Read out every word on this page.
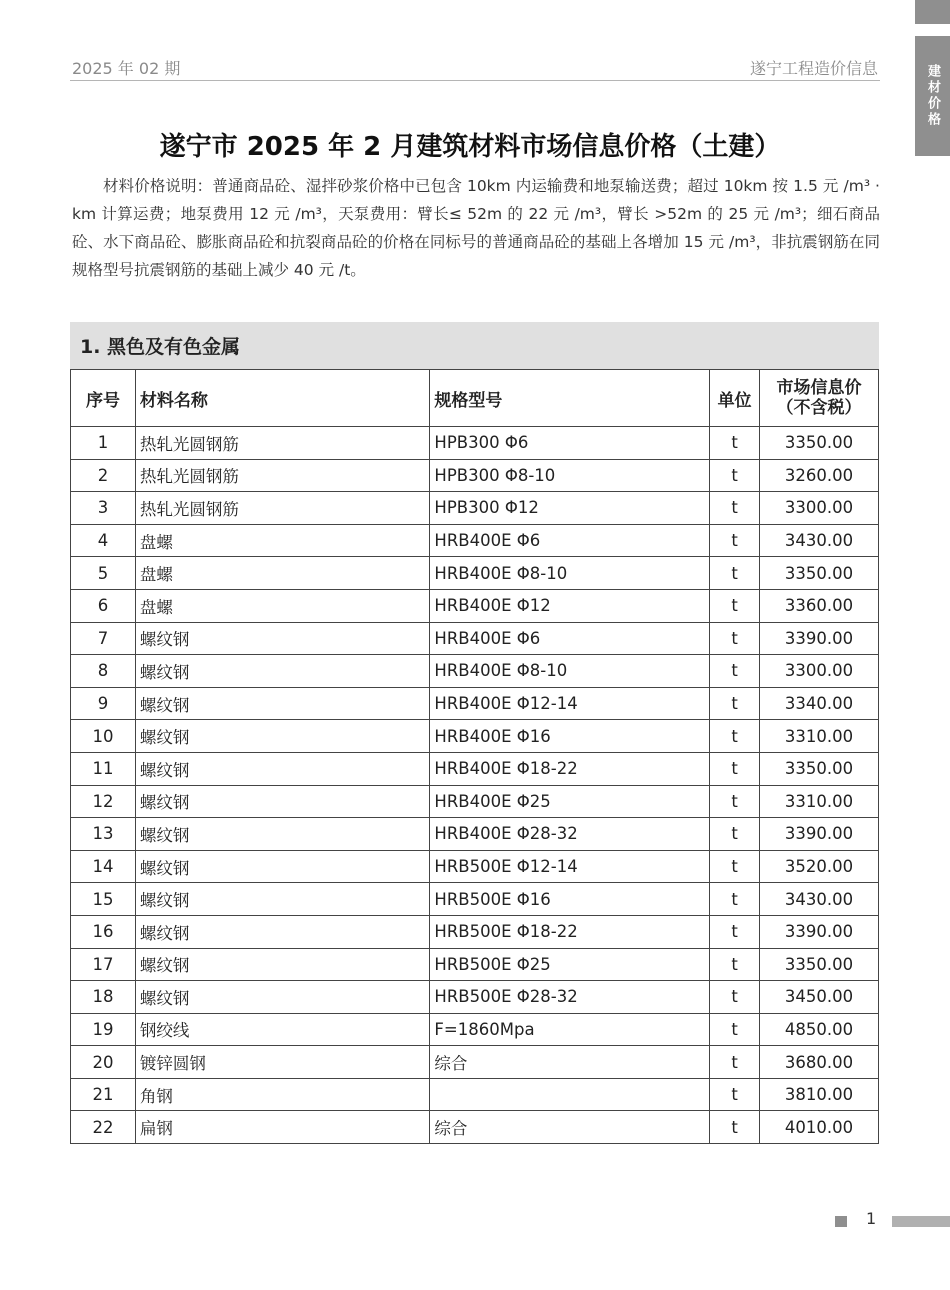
2025 年 02 期	遂宁工程造价信息	建材价格
遂宁市 2025 年 2 月建筑材料市场信息价格（土建）

材料价格说明：普通商品砼、湿拌砂浆价格中已包含 10km 内运输费和地泵输送费；超过 10km 按 1.5 元 /m³ · km 计算运费；地泵费用 12 元 /m³，天泵费用：臂长≤ 52m 的 22 元 /m³，臂长 >52m 的 25 元 /m³；细石商品砼、水下商品砼、膨胀商品砼和抗裂商品砼的价格在同标号的普通商品砼的基础上各增加 15 元 /m³，非抗震钢筋在同规格型号抗震钢筋的基础上减少 40 元 /t。

1. 黑色及有色金属
序号	材料名称	规格型号	单位	市场信息价
（不含税）

1	热轧光圆钢筋	HPB300 Φ6	t	3350.00
2	热轧光圆钢筋	HPB300 Φ8-10	t	3260.00
3	热轧光圆钢筋	HPB300 Φ12	t	3300.00
4	盘螺	HRB400E Φ6	t	3430.00
5	盘螺	HRB400E Φ8-10	t	3350.00
6	盘螺	HRB400E Φ12	t	3360.00
7	螺纹钢	HRB400E Φ6	t	3390.00
8	螺纹钢	HRB400E Φ8-10	t	3300.00
9	螺纹钢	HRB400E Φ12-14	t	3340.00
10	螺纹钢	HRB400E Φ16	t	3310.00
11	螺纹钢	HRB400E Φ18-22	t	3350.00
12	螺纹钢	HRB400E Φ25	t	3310.00
13	螺纹钢	HRB400E Φ28-32	t	3390.00
14	螺纹钢	HRB500E Φ12-14	t	3520.00
15	螺纹钢	HRB500E Φ16	t	3430.00
16	螺纹钢	HRB500E Φ18-22	t	3390.00
17	螺纹钢	HRB500E Φ25	t	3350.00
18	螺纹钢	HRB500E Φ28-32	t	3450.00
19	钢绞线	F=1860Mpa	t	4850.00
20	镀锌圆钢	综合	t	3680.00
21	角钢		t	3810.00
22	扁钢	综合	t	4010.00
1
